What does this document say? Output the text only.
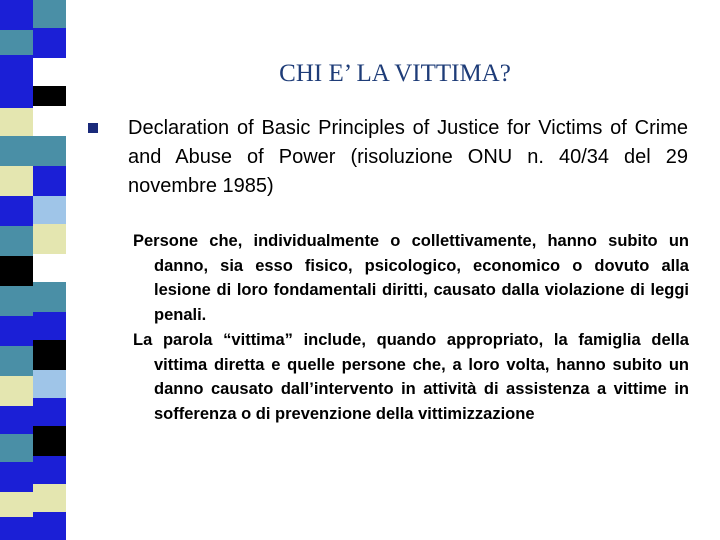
CHI E’ LA VITTIMA?
Declaration of Basic Principles of Justice for Victims of Crime and Abuse of Power (risoluzione ONU n. 40/34 del 29 novembre 1985)
Persone che, individualmente o collettivamente, hanno subito un danno, sia esso fisico, psicologico, economico o dovuto alla lesione di loro fondamentali diritti, causato dalla violazione di leggi penali.
La parola “vittima” include, quando appropriato, la famiglia della vittima diretta e quelle persone che, a loro volta, hanno subito un danno causato dall’intervento in attività di assistenza a vittime in sofferenza o di prevenzione della vittimizzazione
